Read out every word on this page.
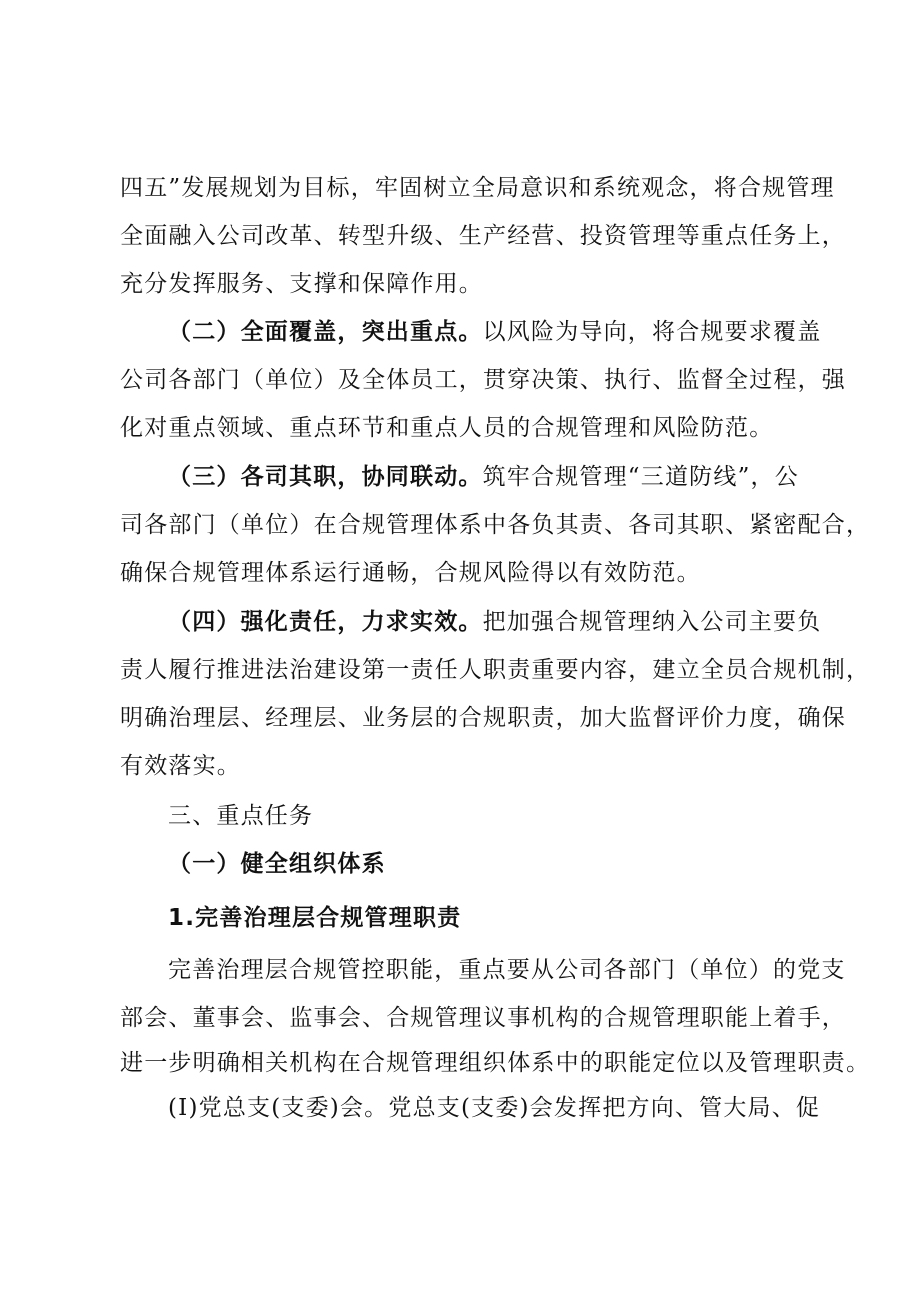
四五”发展规划为目标，牢固树立全局意识和系统观念，将合规管理
全面融入公司改革、转型升级、生产经营、投资管理等重点任务上，
充分发挥服务、支撑和保障作用。
（二）全面覆盖，突出重点。以风险为导向，将合规要求覆盖
公司各部门（单位）及全体员工，贯穿决策、执行、监督全过程，强
化对重点领域、重点环节和重点人员的合规管理和风险防范。
（三）各司其职，协同联动。筑牢合规管理“三道防线”，公
司各部门（单位）在合规管理体系中各负其责、各司其职、紧密配合，
确保合规管理体系运行通畅，合规风险得以有效防范。
（四）强化责任，力求实效。把加强合规管理纳入公司主要负
责人履行推进法治建设第一责任人职责重要内容，建立全员合规机制，
明确治理层、经理层、业务层的合规职责，加大监督评价力度，确保
有效落实。
三、重点任务
（一）健全组织体系
1.完善治理层合规管理职责
完善治理层合规管控职能，重点要从公司各部门（单位）的党支
部会、董事会、监事会、合规管理议事机构的合规管理职能上着手，
进一步明确相关机构在合规管理组织体系中的职能定位以及管理职责。
(I)党总支(支委)会。党总支(支委)会发挥把方向、管大局、促
